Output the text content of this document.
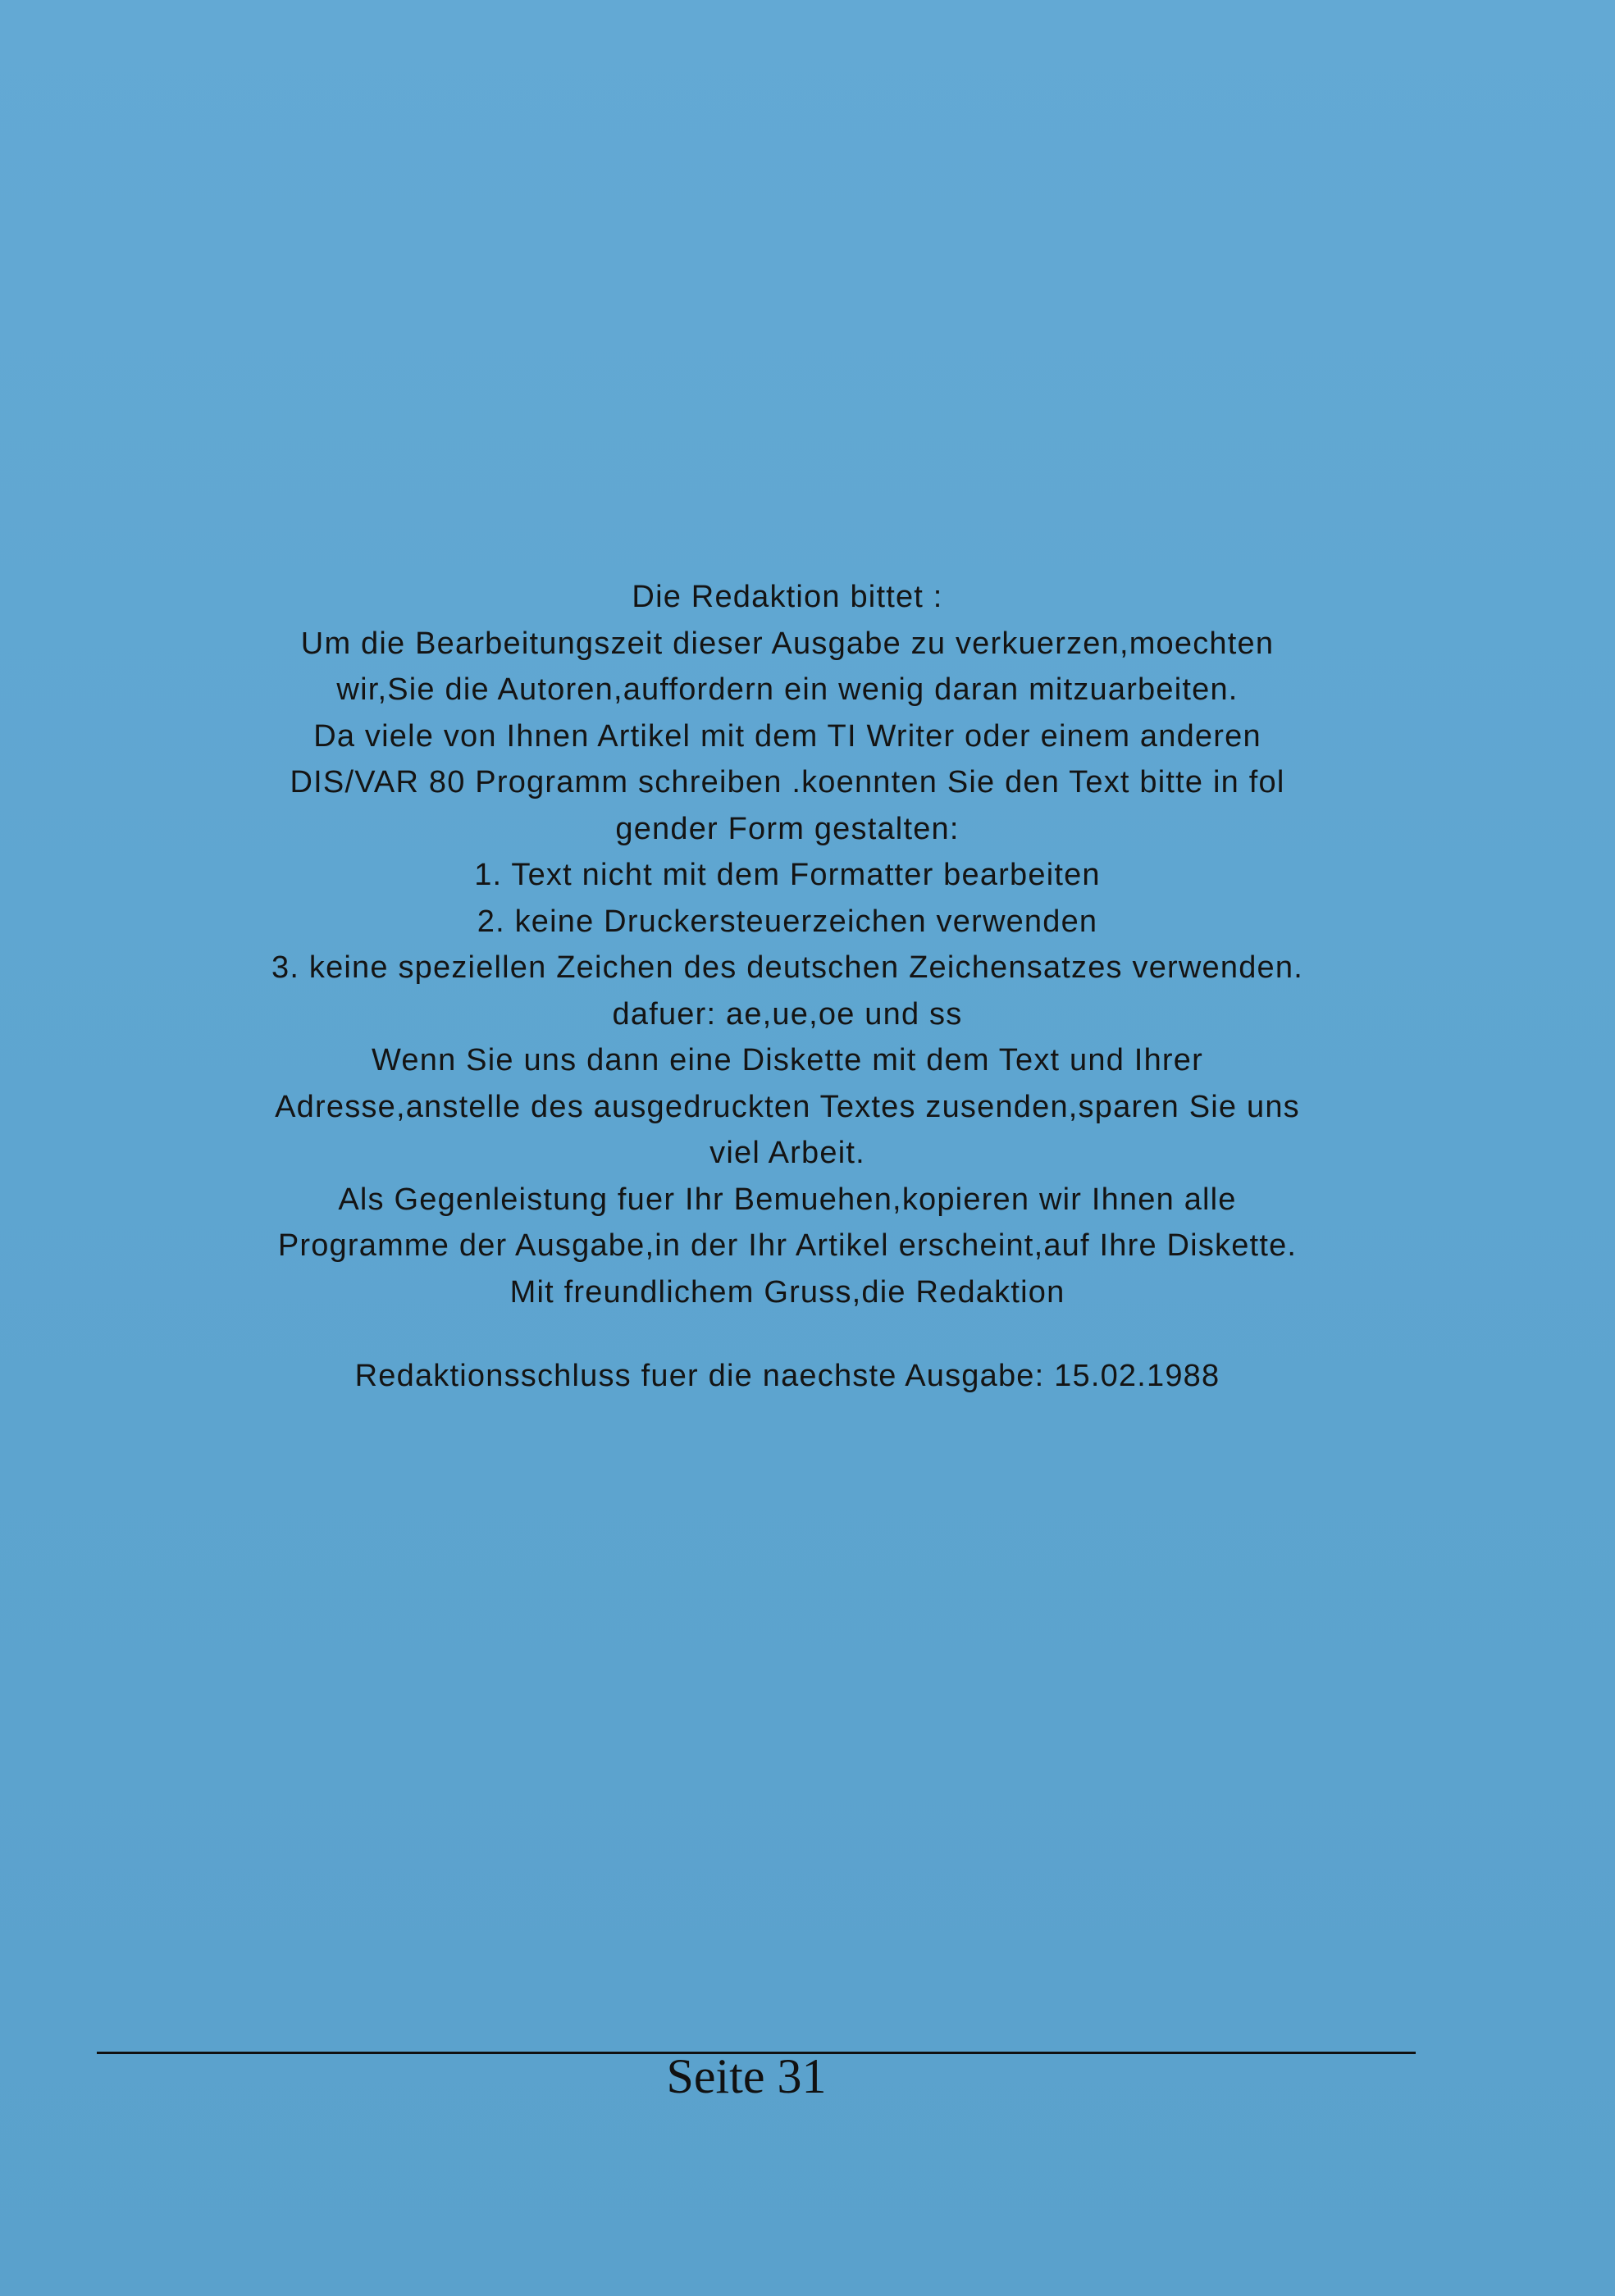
Die Redaktion bittet :
Um die Bearbeitungszeit dieser Ausgabe zu verkuerzen,moechten
wir,Sie die Autoren,auffordern ein wenig daran mitzuarbeiten.
Da viele von Ihnen Artikel mit dem TI Writer oder einem anderen
DIS/VAR 80 Programm schreiben .koennten Sie den Text bitte in fol
gender Form gestalten:
1. Text nicht mit dem Formatter bearbeiten
2. keine Druckersteuerzeichen verwenden
3. keine speziellen Zeichen des deutschen Zeichensatzes verwenden.
dafuer: ae,ue,oe und ss
Wenn Sie uns dann eine Diskette mit dem Text und Ihrer
Adresse,anstelle des ausgedruckten Textes zusenden,sparen Sie uns
viel Arbeit.
Als Gegenleistung fuer Ihr Bemuehen,kopieren wir Ihnen alle
Programme der Ausgabe,in der Ihr Artikel erscheint,auf Ihre Diskette.
Mit freundlichem Gruss,die Redaktion
Redaktionsschluss fuer die naechste Ausgabe: 15.02.1988
Seite 31
